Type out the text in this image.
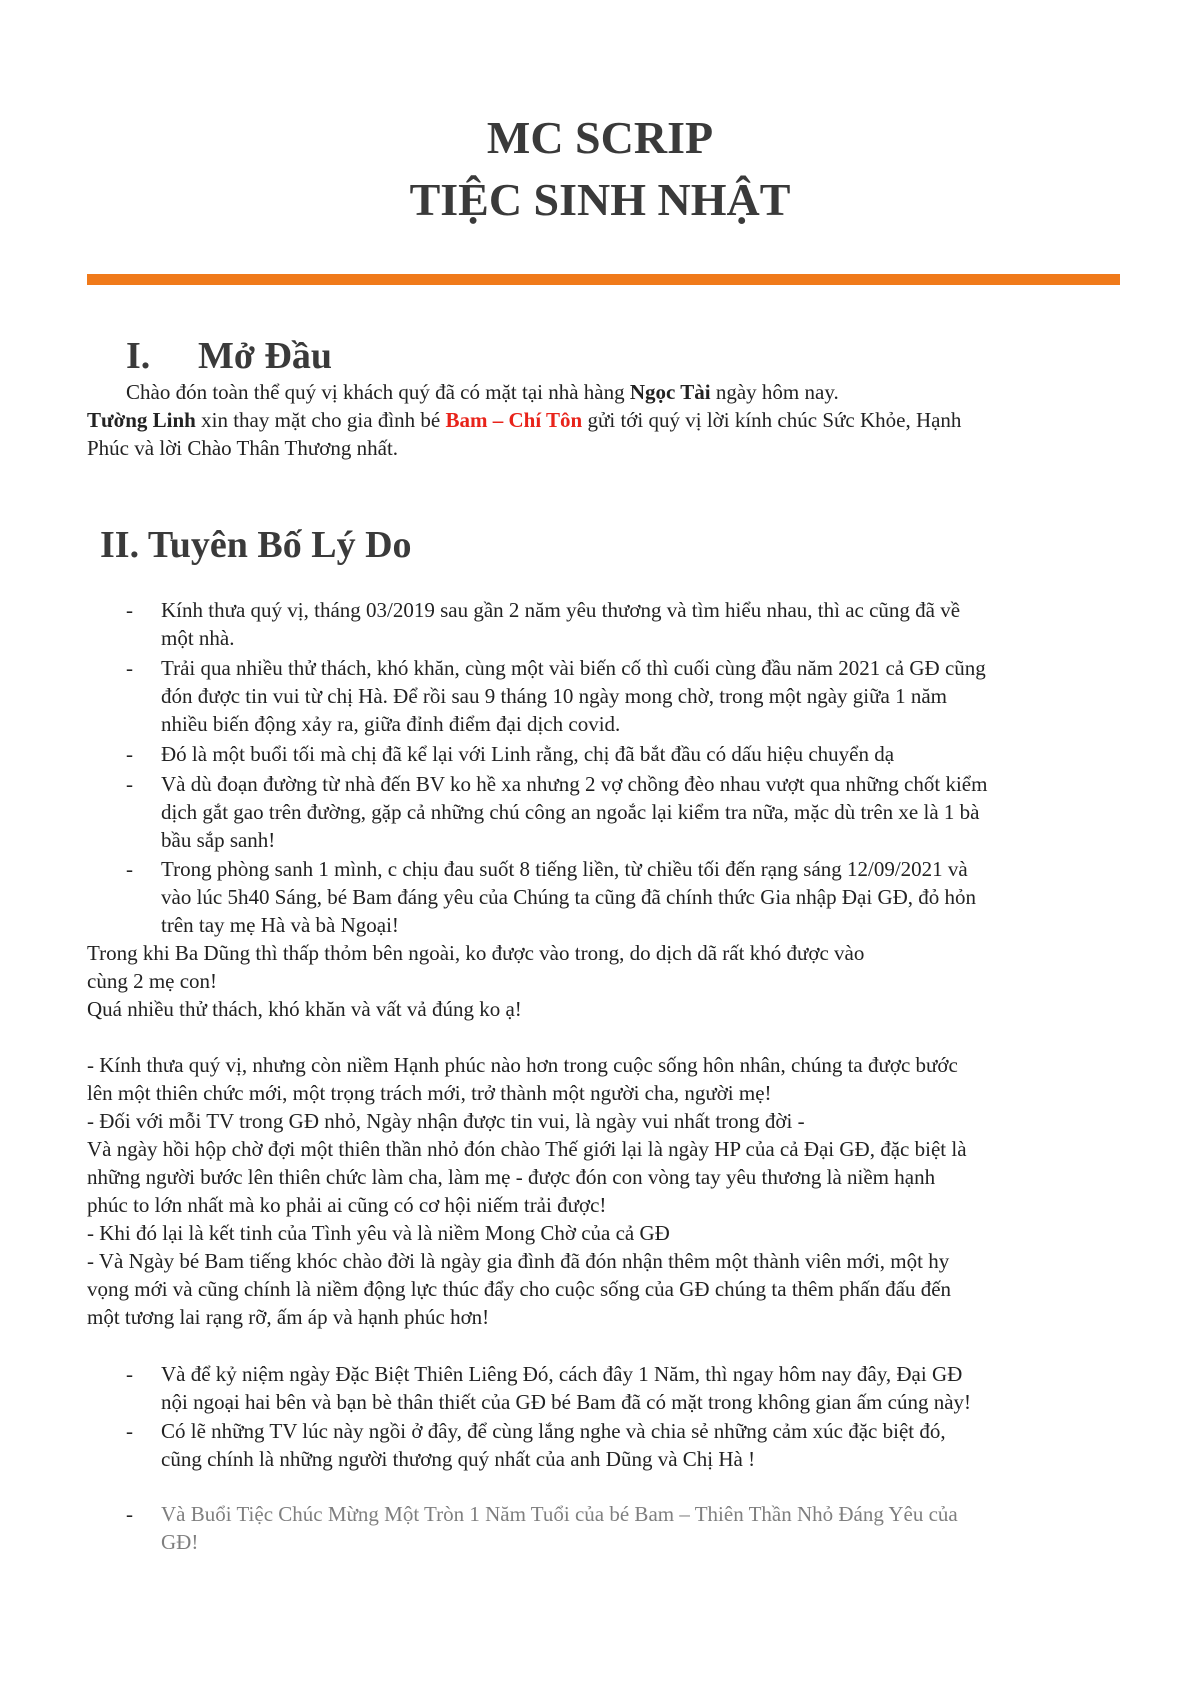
MC SCRIP
TIỆC SINH NHẬT
I. Mở Đầu
Chào đón toàn thể quý vị khách quý đã có mặt tại nhà hàng Ngọc Tài ngày hôm nay.
Tường Linh xin thay mặt cho gia đình bé Bam – Chí Tôn gửi tới quý vị lời kính chúc Sức Khỏe, Hạnh
Phúc và lời Chào Thân Thương nhất.
II. Tuyên Bố Lý Do
- Kính thưa quý vị, tháng 03/2019 sau gần 2 năm yêu thương và tìm hiểu nhau, thì ac cũng đã về
một nhà.
- Trải qua nhiều thử thách, khó khăn, cùng một vài biến cố thì cuối cùng đầu năm 2021 cả GĐ cũng
đón được tin vui từ chị Hà. Để rồi sau 9 tháng 10 ngày mong chờ, trong một ngày giữa 1 năm
nhiều biến động xảy ra, giữa đỉnh điểm đại dịch covid.
- Đó là một buổi tối mà chị đã kể lại với Linh rằng, chị đã bắt đầu có dấu hiệu chuyển dạ
- Và dù đoạn đường từ nhà đến BV ko hề xa nhưng 2 vợ chồng đèo nhau vượt qua những chốt kiểm
dịch gắt gao trên đường, gặp cả những chú công an ngoắc lại kiểm tra nữa, mặc dù trên xe là 1 bà
bầu sắp sanh!
- Trong phòng sanh 1 mình, c chịu đau suốt 8 tiếng liền, từ chiều tối đến rạng sáng 12/09/2021 và
vào lúc 5h40 Sáng, bé Bam đáng yêu của Chúng ta cũng đã chính thức Gia nhập Đại GĐ, đỏ hỏn
trên tay mẹ Hà và bà Ngoại!
Trong khi Ba Dũng thì thấp thỏm bên ngoài, ko được vào trong, do dịch dã rất khó được vào
cùng 2 mẹ con!
Quá nhiều thử thách, khó khăn và vất vả đúng ko ạ!
- Kính thưa quý vị, nhưng còn niềm Hạnh phúc nào hơn trong cuộc sống hôn nhân, chúng ta được bước
lên một thiên chức mới, một trọng trách mới, trở thành một người cha, người mẹ!
- Đối với mỗi TV trong GĐ nhỏ, Ngày nhận được tin vui, là ngày vui nhất trong đời -
Và ngày hồi hộp chờ đợi một thiên thần nhỏ đón chào Thế giới lại là ngày HP của cả Đại GĐ, đặc biệt là
những người bước lên thiên chức làm cha, làm mẹ - được đón con vòng tay yêu thương là niềm hạnh
phúc to lớn nhất mà ko phải ai cũng có cơ hội niếm trải được!
- Khi đó lại là kết tinh của Tình yêu và là niềm Mong Chờ của cả GĐ
- Và Ngày bé Bam tiếng khóc chào đời là ngày gia đình đã đón nhận thêm một thành viên mới, một hy
vọng mới và cũng chính là niềm động lực thúc đẩy cho cuộc sống của GĐ chúng ta thêm phấn đấu đến
một tương lai rạng rỡ, ấm áp và hạnh phúc hơn!
- Và để kỷ niệm ngày Đặc Biệt Thiên Liêng Đó, cách đây 1 Năm, thì ngay hôm nay đây, Đại GĐ
nội ngoại hai bên và bạn bè thân thiết của GĐ bé Bam đã có mặt trong không gian ấm cúng này!
- Có lẽ những TV lúc này ngồi ở đây, để cùng lắng nghe và chia sẻ những cảm xúc đặc biệt đó,
cũng chính là những người thương quý nhất của anh Dũng và Chị Hà !
- Và Buổi Tiệc Chúc Mừng Một Tròn 1 Năm Tuổi của bé Bam – Thiên Thần Nhỏ Đáng Yêu của
GĐ!
